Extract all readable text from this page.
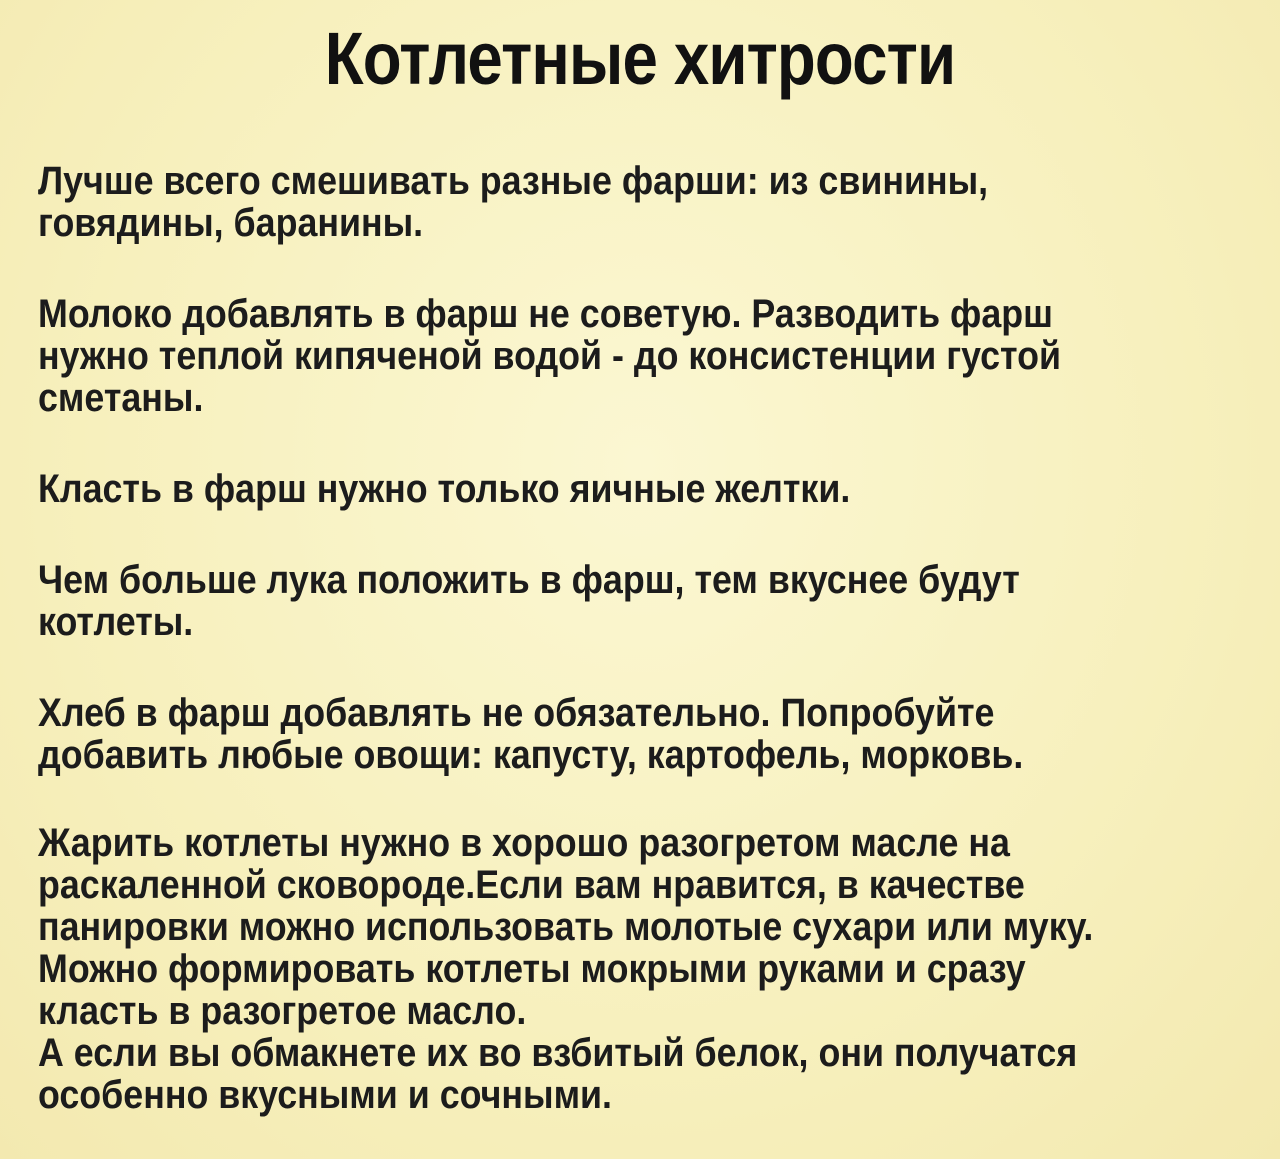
Котлетные хитрости
Лучше всего смешивать разные фарши: из свинины,
говядины, баранины.
Молоко добавлять в фарш не советую. Разводить фарш
нужно теплой кипяченой водой - до консистенции густой
сметаны.
Класть в фарш нужно только яичные желтки.
Чем больше лука положить в фарш, тем вкуснее будут
котлеты.
Хлеб в фарш добавлять не обязательно. Попробуйте
добавить любые овощи: капусту, картофель, морковь.
Жарить котлеты нужно в хорошо разогретом масле на
раскаленной сковороде.Если вам нравится, в качестве
панировки можно использовать молотые сухари или муку.
Можно формировать котлеты мокрыми руками и сразу
класть в разогретое масло.
А если вы обмакнете их во взбитый белок, они получатся
особенно вкусными и сочными.
